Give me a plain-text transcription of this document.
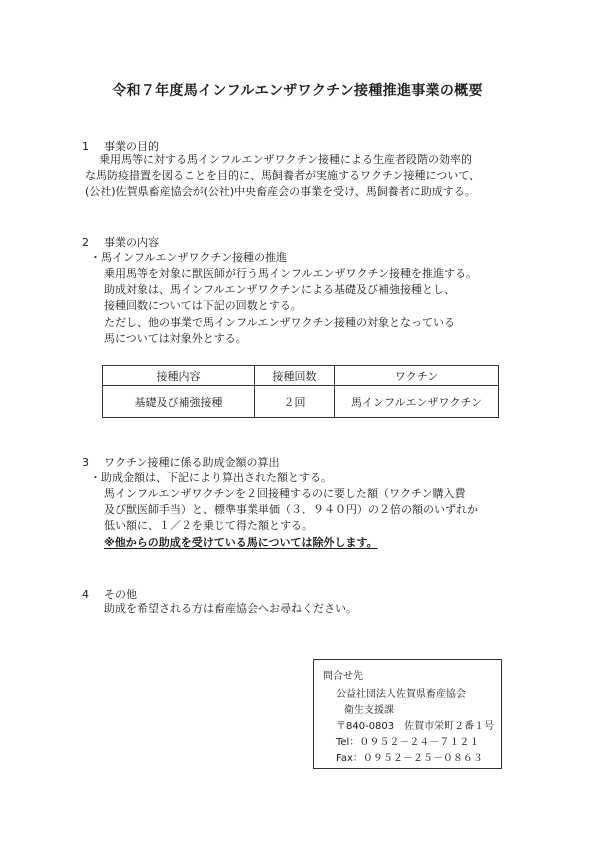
令和７年度馬インフルエンザワクチン接種推進事業の概要
1 事業の目的
乗用馬等に対する馬インフルエンザワクチン接種による生産者段階の効率的
な馬防疫措置を図ることを目的に、馬飼養者が実施するワクチン接種について、
(公社)佐賀県畜産協会が(公社)中央畜産会の事業を受け、馬飼養者に助成する。
2 事業の内容
・馬インフルエンザワクチン接種の推進
乗用馬等を対象に獣医師が行う馬インフルエンザワクチン接種を推進する。
助成対象は、馬インフルエンザワクチンによる基礎及び補強接種とし、
接種回数については下記の回数とする。
ただし、他の事業で馬インフルエンザワクチン接種の対象となっている
馬については対象外とする。
接種内容	接種回数	ワクチン
基礎及び補強接種	２回	馬インフルエンザワクチン
3 ワクチン接種に係る助成金額の算出
・助成金額は、下記により算出された額とする。
馬インフルエンザワクチンを２回接種するのに要した額（ワクチン購入費
及び獣医師手当）と、標準事業単価（３．９４０円）の２倍の額のいずれか
低い額に、１／２を乗じて得た額とする。
※他からの助成を受けている馬については除外します。
4 その他
助成を希望される方は畜産協会へお尋ねください。
問合せ先
公益社団法人佐賀県畜産協会
衛生支援課
〒840-0803　佐賀市栄町２番１号
Tel：０９５２－２４－７１２１
Fax：０９５２－２５－０８６３
